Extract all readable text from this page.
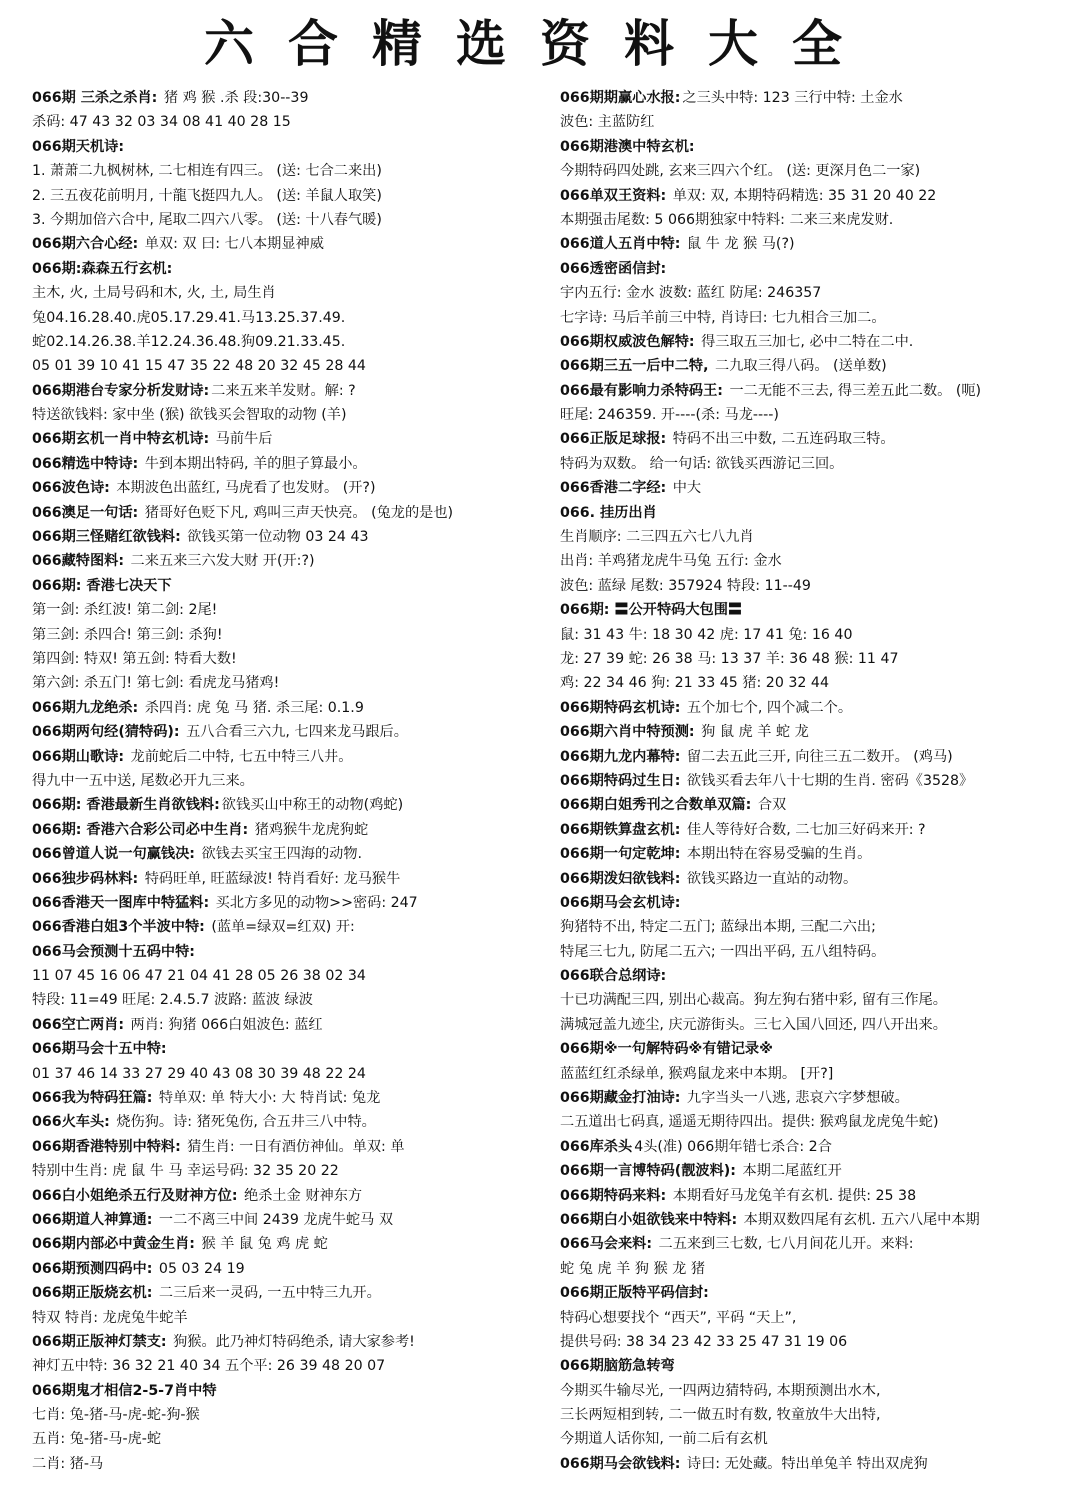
六合精选资料大全
066期 三杀之杀肖: 猪 鸡 猴 .杀 段:30--39
杀码: 47 43 32 03 34 08 41 40 28 15
066期天机诗:
1. 萧萧二九枫树林, 二七相连有四三。 (送: 七合二来出)
2. 三五夜花前明月, 十龍飞挺四九人。 (送: 羊鼠人取笑)
3. 今期加倍六合中, 尾取二四六八零。 (送: 十八春气暖)
066期六合心经: 单双: 双 曰: 七八本期显神威
066期:森森五行玄机:
主木, 火, 土局号码和木, 火, 土, 局生肖
兔04.16.28.40.虎05.17.29.41.马13.25.37.49.
蛇02.14.26.38.羊12.24.36.48.狗09.21.33.45.
05 01 39 10 41 15 47 35 22 48 20 32 45 28 44
066期港台专家分析发财诗: 二来五来羊发财。解: ?
特送欲钱料: 家中坐 (猴) 欲钱买会智取的动物 (羊)
066期玄机一肖中特玄机诗: 马前牛后
066精选中特诗: 牛到本期出特码, 羊的胆子算最小。
066波色诗: 本期波色出蓝红, 马虎看了也发财。 (开?)
066澳足一句话: 猪哥好色贬下凡, 鸡叫三声天快亮。 (兔龙的是也)
066期三怪赌红欲钱料: 欲钱买第一位动物 03 24 43
066藏特图料: 二来五来三六发大财 开(开:?)
066期: 香港七决天下
第一剑: 杀红波! 第二剑: 2尾!
第三剑: 杀四合! 第三剑: 杀狗!
第四剑: 特双! 第五剑: 特看大数!
第六剑: 杀五门! 第七剑: 看虎龙马猪鸡!
066期九龙绝杀: 杀四肖: 虎 兔 马 猪. 杀三尾: 0.1.9
066期两句经(猜特码): 五八合看三六九, 七四来龙马跟后。
066期山歌诗: 龙前蛇后二中特, 七五中特三八井。
得九中一五中送, 尾数必开九三来。
066期: 香港最新生肖欲钱料: 欲钱买山中称王的动物(鸡蛇)
066期: 香港六合彩公司必中生肖: 猪鸡猴牛龙虎狗蛇
066曾道人说一句赢钱决: 欲钱去买宝王四海的动物.
066独步码林料: 特码旺单, 旺蓝绿波! 特肖看好: 龙马猴牛
066香港天一图库中特猛料: 买北方多见的动物>>密码: 247
066香港白姐3个半波中特: (蓝单=绿双=红双) 开:
066马会预测十五码中特:
11 07 45 16 06 47 21 04 41 28 05 26 38 02 34
特段: 11=49 旺尾: 2.4.5.7 波路: 蓝波 绿波
066空亡两肖: 两肖: 狗猪 066白姐波色: 蓝红
066期马会十五中特:
01 37 46 14 33 27 29 40 43 08 30 39 48 22 24
066我为特码狂篇: 特单双: 单 特大小: 大 特肖试: 兔龙
066火车头: 烧伤狗。诗: 猪死兔伤, 合五井三八中特。
066期香港特别中特料: 猜生肖: 一日有酒仿神仙。单双: 单
特别中生肖: 虎 鼠 牛 马 幸运号码: 32 35 20 22
066白小姐绝杀五行及财神方位: 绝杀土金 财神东方
066期道人神算通: 一二不离三中间 2439 龙虎牛蛇马 双
066期内部必中黄金生肖: 猴 羊 鼠 兔 鸡 虎 蛇
066期预测四码中: 05 03 24 19
066期正版烧玄机: 二三后来一灵码, 一五中特三九开。
特双 特肖: 龙虎兔牛蛇羊
066期正版神灯禁支: 狗猴。此乃神灯特码绝杀, 请大家参考!
神灯五中特: 36 32 21 40 34 五个平: 26 39 48 20 07
066期鬼才相信2-5-7肖中特
七肖: 兔-猪-马-虎-蛇-狗-猴
五肖: 兔-猪-马-虎-蛇
二肖: 猪-马
066期期赢心水报: 之三头中特: 123 三行中特: 土金水
波色: 主蓝防红
066期港澳中特玄机:
今期特码四处跳, 玄来三四六个红。 (送: 更深月色二一家)
066单双王资料: 单双: 双, 本期特码精选: 35 31 20 40 22
本期强击尾数: 5 066期独家中特料: 二来三来虎发财.
066道人五肖中特: 鼠 牛 龙 猴 马(?)
066透密函信封:
宇内五行: 金水 波数: 蓝红 防尾: 246357
七字诗: 马后羊前三中特, 肖诗曰: 七九相合三加二。
066期权威波色解特: 得三取五三加七, 必中二特在二中.
066期三五一后中二特, 二九取三得八码。 (送单数)
066最有影响力杀特码王: 一二无能不三去, 得三差五此二数。 (呃)
旺尾: 246359. 开----(杀: 马龙----)
066正版足球报: 特码不出三中数, 二五连码取三特。
特码为双数。 给一句话: 欲钱买西游记三回。
066香港二字经: 中大
066. 挂历出肖
生肖顺序: 二三四五六七八九肖
出肖: 羊鸡猪龙虎牛马兔 五行: 金水
波色: 蓝绿 尾数: 357924 特段: 11--49
066期: 〓公开特码大包围〓
鼠: 31 43 牛: 18 30 42 虎: 17 41 兔: 16 40
龙: 27 39 蛇: 26 38 马: 13 37 羊: 36 48 猴: 11 47
鸡: 22 34 46 狗: 21 33 45 猪: 20 32 44
066期特码玄机诗: 五个加七个, 四个减二个。
066期六肖中特预测: 狗 鼠 虎 羊 蛇 龙
066期九龙内幕特: 留二去五此三开, 向往三五二数开。 (鸡马)
066期特码过生日: 欲钱买看去年八十七期的生肖. 密码《3528》
066期白姐秀刊之合数单双篇: 合双
066期铁算盘玄机: 佳人等待好合数, 二七加三好码来开: ?
066期一句定乾坤: 本期出特在容易受骗的生肖。
066期泼妇欲钱料: 欲钱买路边一直站的动物。
066期马会玄机诗:
狗猪特不出, 特定二五门; 蓝绿出本期, 三配二六出;
特尾三七九, 防尾二五六; 一四出平码, 五八组特码。
066联合总纲诗:
十已功满配三四, 别出心裁高。狗左狗右猪中彩, 留有三作尾。
满城冠盖九迹尘, 庆元游街头。三七入国八回还, 四八开出来。
066期※一句解特码※有错记录※
蓝蓝红红杀绿单, 猴鸡鼠龙来中本期。 [开?]
066期藏金打油诗: 九字当头一八逃, 悲哀六字梦想破。
二五道出七码真, 遥遥无期待四出。提供: 猴鸡鼠龙虎兔牛蛇)
066库杀头 4头(准) 066期年错七杀合: 2合
066期一言博特码(靓波料): 本期二尾蓝红开
066期特码来料: 本期看好马龙兔羊有玄机. 提供: 25 38
066期白小姐欲钱来中特料: 本期双数四尾有玄机. 五六八尾中本期
066马会来料: 二五来到三七数, 七八月间花儿开。来料:
蛇 兔 虎 羊 狗 猴 龙 猪
066期正版特平码信封:
特码心想要找个 “西天”, 平码 “天上”,
提供号码: 38 34 23 42 33 25 47 31 19 06
066期脑筋急转弯
今期买牛输尽光, 一四两边猜特码, 本期预测出水木,
三长两短相到转, 二一做五时有数, 牧童放牛大出特,
今期道人话你知, 一前二后有玄机
066期马会欲钱料: 诗曰: 无处藏。特出单兔羊 特出双虎狗
